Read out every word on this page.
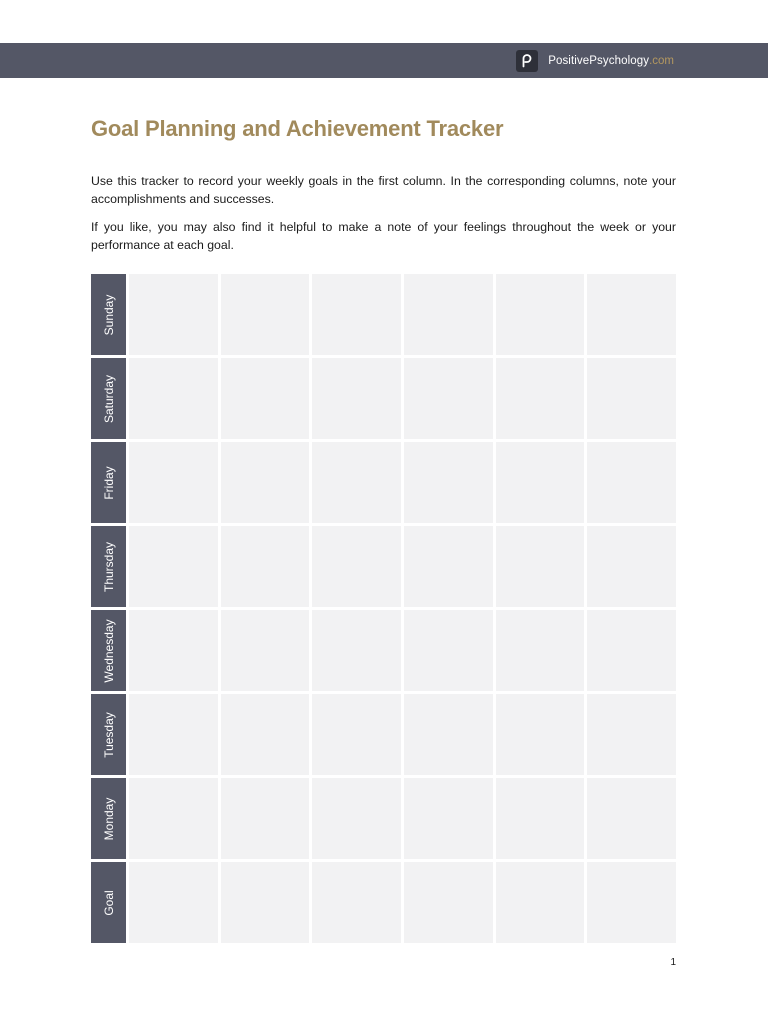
PositivePsychology .com
Goal Planning and Achievement Tracker

Use this tracker to record your weekly goals in the first column. In the corresponding columns, note your accomplishments and successes.

If you like, you may also find it helpful to make a note of your feelings throughout the week or your performance at each goal.

Sunday
Saturday
Friday
Thursday
Wednesday
Tuesday
Monday
Goal
1
